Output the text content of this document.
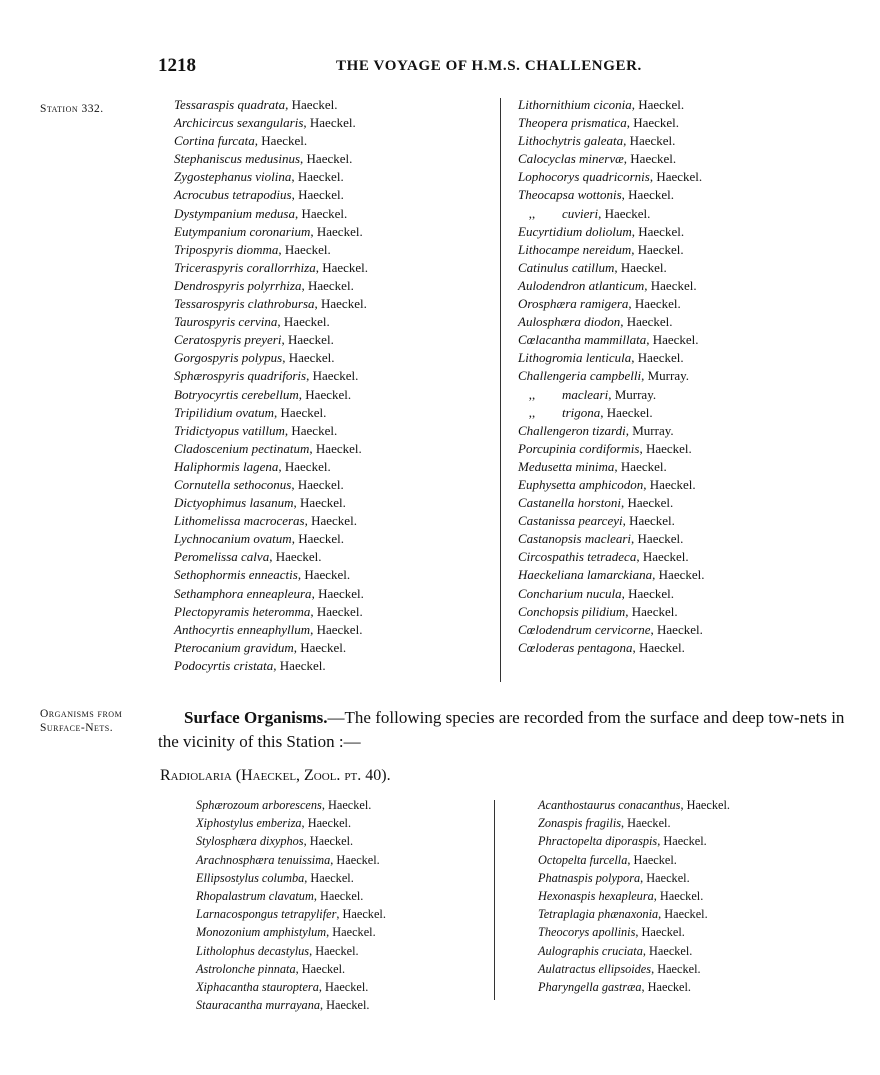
1218	THE VOYAGE OF H.M.S. CHALLENGER.
Station 332.	Tessaraspis quadrata, Haeckel.
Archicircus sexangularis, Haeckel.
Cortina furcata, Haeckel.
Stephaniscus medusinus, Haeckel.
Zygostephanus violina, Haeckel.
Acrocubus tetrapodius, Haeckel.
Dystympanium medusa, Haeckel.
Eutympanium coronarium, Haeckel.
Tripospyris diomma, Haeckel.
Triceraspyris corallorrhiza, Haeckel.
Dendrospyris polyrrhiza, Haeckel.
Tessarospyris clathrobursa, Haeckel.
Taurospyris cervina, Haeckel.
Ceratospyris preyeri, Haeckel.
Gorgospyris polypus, Haeckel.
Sphærospyris quadriforis, Haeckel.
Botryocyrtis cerebellum, Haeckel.
Tripilidium ovatum, Haeckel.
Tridictyopus vatillum, Haeckel.
Cladoscenium pectinatum, Haeckel.
Haliphormis lagena, Haeckel.
Cornutella sethoconus, Haeckel.
Dictyophimus lasanum, Haeckel.
Lithomelissa macroceras, Haeckel.
Lychnocanium ovatum, Haeckel.
Peromelissa calva, Haeckel.
Sethophormis enneactis, Haeckel.
Sethamphora enneapleura, Haeckel.
Plectopyramis heteromma, Haeckel.
Anthocyrtis enneaphyllum, Haeckel.
Pterocanium gravidum, Haeckel.
Podocyrtis cristata, Haeckel.
Lithornithium ciconia, Haeckel.
Theopera prismatica, Haeckel.
Lithochytris galeata, Haeckel.
Calocyclas minervæ, Haeckel.
Lophocorys quadricornis, Haeckel.
Theocapsa wottonis, Haeckel.
,, cuvieri, Haeckel.
Eucyrtidium doliolum, Haeckel.
Lithocampe nereidum, Haeckel.
Catinulus catillum, Haeckel.
Aulodendron atlanticum, Haeckel.
Orosphæra ramigera, Haeckel.
Aulosphæra diodon, Haeckel.
Cœlacantha mammillata, Haeckel.
Lithogromia lenticula, Haeckel.
Challengeria campbelli, Murray.
,, macleari, Murray.
,, trigona, Haeckel.
Challengeron tizardi, Murray.
Porcupinia cordiformis, Haeckel.
Medusetta minima, Haeckel.
Euphysetta amphicodon, Haeckel.
Castanella horstoni, Haeckel.
Castanissa pearceyi, Haeckel.
Castanopsis macleari, Haeckel.
Circospathis tetradeca, Haeckel.
Haeckeliana lamarckiana, Haeckel.
Concharium nucula, Haeckel.
Conchopsis pilidium, Haeckel.
Cœlodendrum cervicorne, Haeckel.
Cœloderas pentagona, Haeckel.
Organisms from
Surface-Nets.
Surface Organisms.—The following species are recorded from the surface and deep tow-nets in the vicinity of this Station :—
Radiolaria (Haeckel, Zool. pt. 40).
Sphærozoum arborescens, Haeckel.
Xiphostylus emberiza, Haeckel.
Stylosphæra dixyphos, Haeckel.
Arachnosphæra tenuissima, Haeckel.
Ellipsostylus columba, Haeckel.
Rhopalastrum clavatum, Haeckel.
Larnacospongus tetrapylifer, Haeckel.
Monozonium amphistylum, Haeckel.
Litholophus decastylus, Haeckel.
Astrolonche pinnata, Haeckel.
Xiphacantha stauroptera, Haeckel.
Stauracantha murrayana, Haeckel.
Acanthostaurus conacanthus, Haeckel.
Zonaspis fragilis, Haeckel.
Phractopelta diporaspis, Haeckel.
Octopelta furcella, Haeckel.
Phatnaspis polypora, Haeckel.
Hexonaspis hexapleura, Haeckel.
Tetraplagia phænaxonia, Haeckel.
Theocorys apollinis, Haeckel.
Aulographis cruciata, Haeckel.
Aulatractus ellipsoides, Haeckel.
Pharyngella gastræa, Haeckel.
